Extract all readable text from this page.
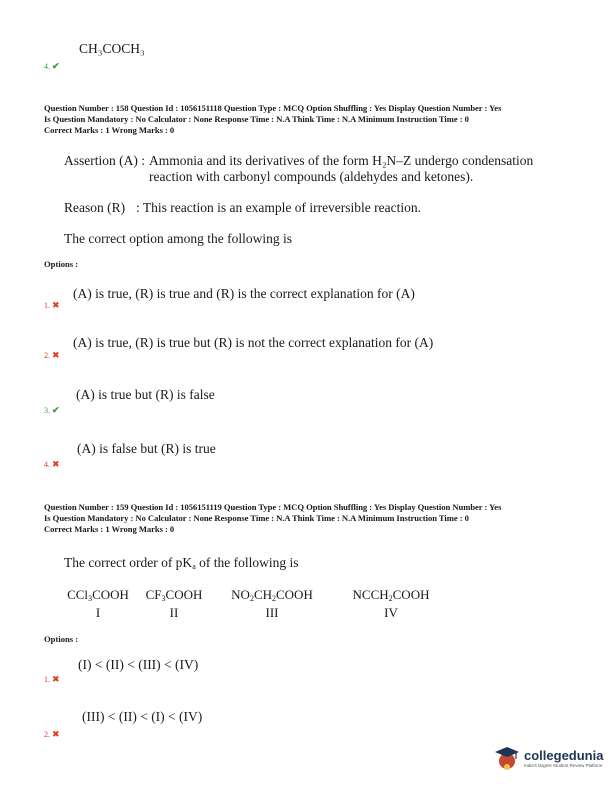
CH₃COCH₃
4. ✔
Question Number : 158 Question Id : 1056151118 Question Type : MCQ Option Shuffling : Yes Display Question Number : Yes
Is Question Mandatory : No Calculator : None Response Time : N.A Think Time : N.A Minimum Instruction Time : 0
Correct Marks : 1 Wrong Marks : 0
Assertion (A) : Ammonia and its derivatives of the form H₂N–Z undergo condensation
reaction with carbonyl compounds (aldehydes and ketones).
Reason (R) : This reaction is an example of irreversible reaction.
The correct option among the following is
Options :
(A) is true, (R) is true and (R) is the correct explanation for (A)
1. ✖
(A) is true, (R) is true but (R) is not the correct explanation for (A)
2. ✖
(A) is true but (R) is false
3. ✔
(A) is false but (R) is true
4. ✖
Question Number : 159 Question Id : 1056151119 Question Type : MCQ Option Shuffling : Yes Display Question Number : Yes
Is Question Mandatory : No Calculator : None Response Time : N.A Think Time : N.A Minimum Instruction Time : 0
Correct Marks : 1 Wrong Marks : 0
The correct order of $pK_a$ of the following is
CCl$_3$COOH
I
$CF_3COOH$
II
$NO_2CH_2COOH$
III
$NCCH_2COOH$
IV
Options :
(I) < (II) < (III) < (IV)
1. ✖
(III) < (II) < (I) < (IV)
2. ✖
collegedunia
India's largest Student Review Platform
